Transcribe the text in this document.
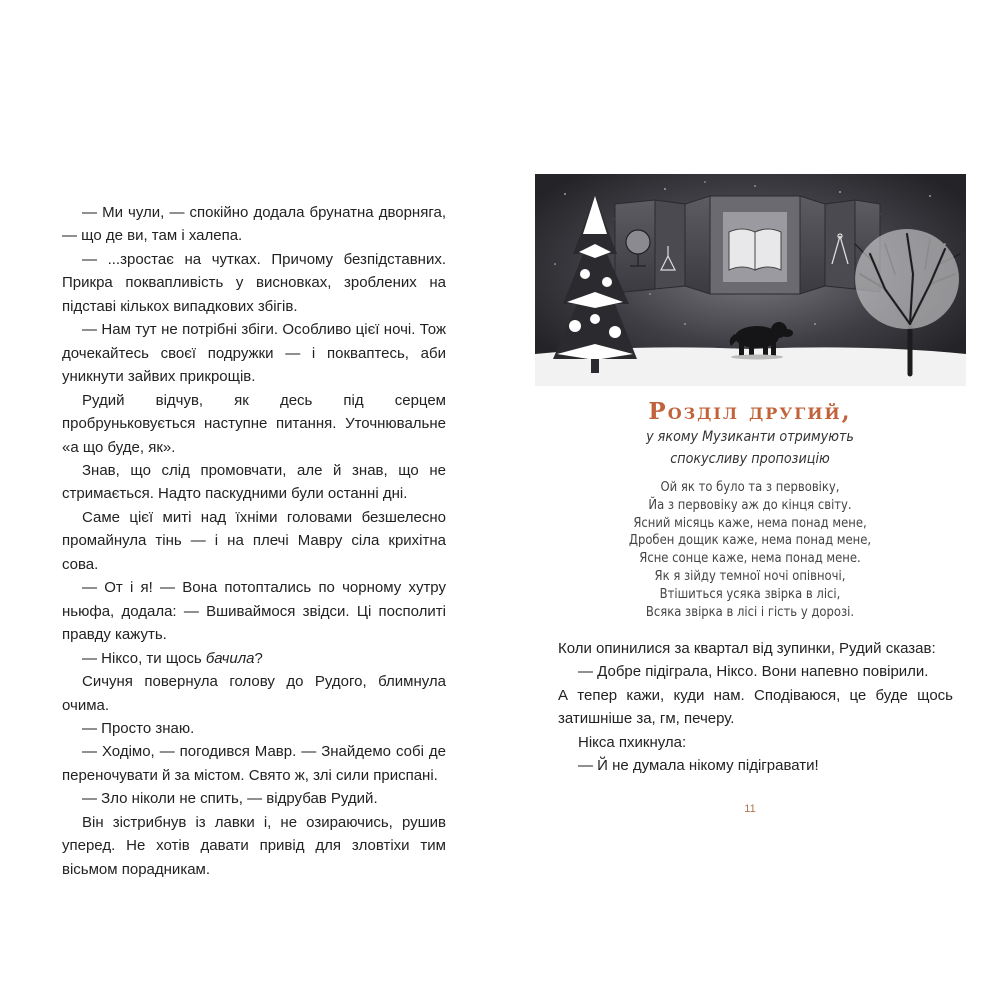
— Ми чули, — спокійно додала брунатна дворняга, — що де ви, там і халепа.

— ...зростає на чутках. Причому безпідставних. Прикра поквапливість у висновках, зроблених на підставі кількох випадкових збігів.

— Нам тут не потрібні збіги. Особливо цієї ночі. Тож дочекайтесь своєї подружки — і поквaптесь, аби уникнути зайвих прикрощів.

Рудий відчув, як десь під серцем пробруньковується наступне питання. Уточнювальне «а що буде, як».

Знав, що слід промовчати, але й знав, що не стримається. Надто паскудними були останні дні.

Саме цієї миті над їхніми головами безшелесно промайнула тінь — і на плечі Мавру сіла крихітна сова.

— От і я! — Вона потоптались по чорному хутру ньюфа, додала: — Вшиваймося звідси. Ці посполиті правду кажуть.

— Ніксо, ти щось бачила?

Сичуня повернула голову до Рудого, блимнула очима.

— Просто знаю.

— Ходімо, — погодився Мавр. — Знайдемо собі де переночувати й за містом. Свято ж, злі сили приспані.

— Зло ніколи не спить, — відрубав Рудий.

Він зістрибнув із лавки і, не озираючись, рушив уперед. Не хотів давати привід для зловтіхи тим вісьмом порадникам.

Розділ другий,
у якому Музиканти отримують
спокусливу пропозицію
Ой як то було та з первовіку,
Йа з первовіку аж до кінця світу.
Ясний місяць каже, нема понад мене,
Дробен дощик каже, нема понад мене,
Ясне сонце каже, нема понад мене.
Як я зійду темної ночі опівночі,
Втішиться усяка звірка в лісі,
Всяка звірка в лісі і гість у дорозі.

Коли опинилися за квартал від зупинки, Рудий сказав:

— Добре підіграла, Ніксо. Вони напевно повірили.

А тепер кажи, куди нам. Сподіваюся, це буде щось затишніше за, гм, печеру.

Нікса пхикнула:

— Й не думала нікому підігравати!

11
